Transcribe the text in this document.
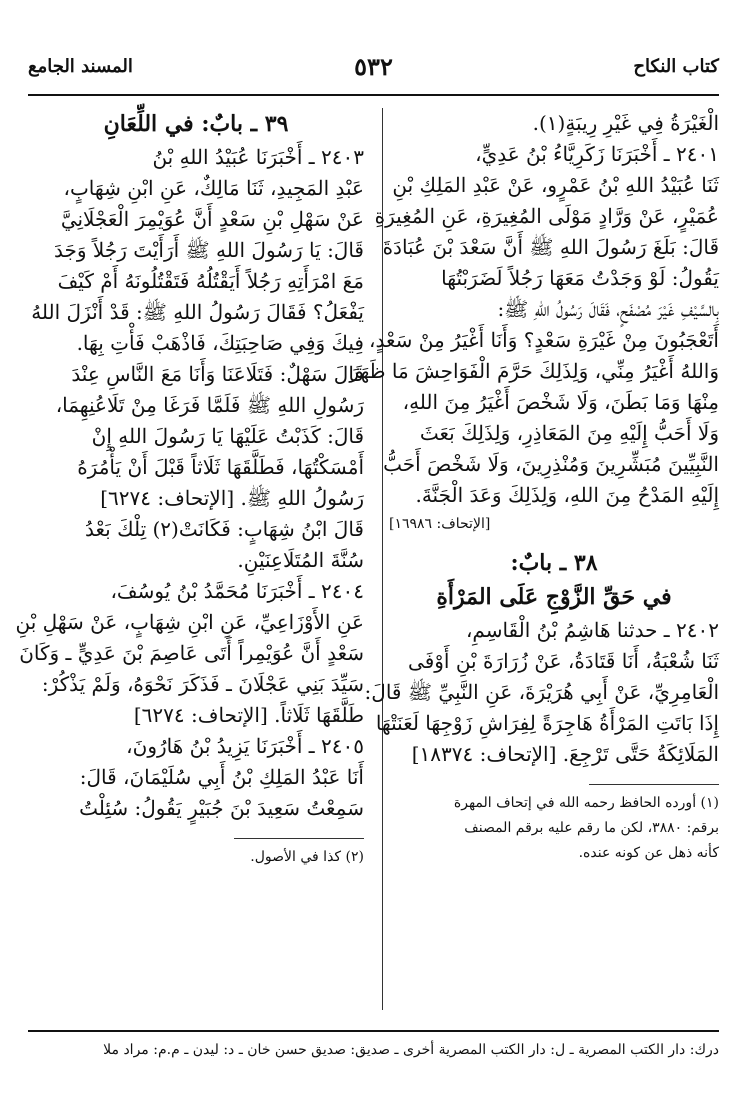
كتاب النكاح
٥٣٢
المسند الجامع
الْغَيْرَةُ فِي غَيْرِ رِيبَةٍ(١).
٢٤٠١ ـ أَخْبَرَنَا زَكَرِيَّاءُ بْنُ عَدِيٍّ،
ثَنَا عُبَيْدُ اللهِ بْنُ عَمْرٍو، عَنْ عَبْدِ المَلِكِ بْنِ
عُمَيْرٍ، عَنْ وَرَّادٍ مَوْلَى المُغِيرَةِ، عَنِ المُغِيرَةِ
قَالَ: بَلَغَ رَسُولَ اللهِ ﷺ أَنَّ سَعْدَ بْنَ عُبَادَةَ
يَقُولُ: لَوْ وَجَدْتُ مَعَهَا رَجُلاً لَضَرَبْتُهَا
بِالسَّيْفِ غَيْرَ مُصْفَحٍ، فَقَالَ رَسُولُ اللهِ ﷺ:
أَتَعْجَبُونَ مِنْ غَيْرَةِ سَعْدٍ؟ وَأَنَا أَغْيَرُ مِنْ سَعْدٍ،
وَاللهُ أَغْيَرُ مِنِّي، وَلِذَلِكَ حَرَّمَ الْفَوَاحِشَ مَا ظَهَرَ
مِنْهَا وَمَا بَطَنَ، وَلَا شَخْصَ أَغْيَرُ مِنَ اللهِ،
وَلَا أَحَبُّ إِلَيْهِ مِنَ المَعَاذِرِ، وَلِذَلِكَ بَعَثَ
النَّبِيِّينَ مُبَشِّرِينَ وَمُنْذِرِينَ، وَلَا شَخْصَ أَحَبُّ
إِلَيْهِ المَدْحُ مِنَ اللهِ، وَلِذَلِكَ وَعَدَ الْجَنَّةَ.
[الإتحاف: ١٦٩٨٦]
٣٨ ـ بابٌ:
في حَقِّ الزَّوْجِ عَلَى المَرْأَةِ
٢٤٠٢ ـ حدثنا هَاشِمُ بْنُ الْقَاسِمِ،
ثَنَا شُعْبَةُ، أَنَا قَتَادَةُ، عَنْ زُرَارَةَ بْنِ أَوْفَى
الْعَامِرِيِّ، عَنْ أَبِي هُرَيْرَةَ، عَنِ النَّبِيِّ ﷺ قَالَ:
إِذَا بَاتَتِ المَرْأَةُ هَاجِرَةً لِفِرَاشِ زَوْجِهَا لَعَنَتْهَا
المَلَائِكَةُ حَتَّى تَرْجِعَ. [الإتحاف: ١٨٣٧٤]
(١) أورده الحافظ رحمه الله في إتحاف المهرة
برقم: ٣٨٨٠، لكن ما رقم عليه برقم المصنف
كأنه ذهل عن كونه عنده.
٣٩ ـ بابٌ: في اللِّعَانِ
٢٤٠٣ ـ أَخْبَرَنَا عُبَيْدُ اللهِ بْنُ
عَبْدِ المَجِيدِ، ثَنَا مَالِكٌ، عَنِ ابْنِ شِهَابٍ،
عَنْ سَهْلِ بْنِ سَعْدٍ أَنَّ عُوَيْمِرَ الْعَجْلَانِيَّ
قَالَ: يَا رَسُولَ اللهِ ﷺ أَرَأَيْتَ رَجُلاً وَجَدَ
مَعَ امْرَأَتِهِ رَجُلاً أَيَقْتُلُهُ فَتَقْتُلُونَهُ أَمْ كَيْفَ
يَفْعَلُ؟ فَقَالَ رَسُولُ اللهِ ﷺ: قَدْ أَنْزَلَ اللهُ
فِيكَ وَفِي صَاحِبَتِكَ، فَاذْهَبْ فَأْتِ بِهَا.
قَالَ سَهْلٌ: فَتَلَاعَنَا وَأَنَا مَعَ النَّاسِ عِنْدَ
رَسُولِ اللهِ ﷺ فَلَمَّا فَرَغَا مِنْ تَلَاعُنِهِمَا،
قَالَ: كَذَبْتُ عَلَيْهَا يَا رَسُولَ اللهِ إِنْ
أَمْسَكْتُهَا، فَطَلَّقَهَا ثَلَاثاً قَبْلَ أَنْ يَأْمُرَهُ
رَسُولُ اللهِ ﷺ. [الإتحاف: ٦٢٧٤]
قَالَ ابْنُ شِهَابٍ: فَكَانَتْ(٢) تِلْكَ بَعْدُ
سُنَّةَ المُتَلَاعِنَيْنِ.
٢٤٠٤ ـ أَخْبَرَنَا مُحَمَّدُ بْنُ يُوسُفَ،
عَنِ الأَوْزَاعِيِّ، عَنِ ابْنِ شِهَابٍ، عَنْ سَهْلِ بْنِ
سَعْدٍ أَنَّ عُوَيْمِراً أَتَى عَاصِمَ بْنَ عَدِيٍّ ـ وَكَانَ
سَيِّدَ بَنِي عَجْلَانَ ـ فَذَكَرَ نَحْوَهُ، وَلَمْ يَذْكُرْ:
طَلَّقَهَا ثَلَاثاً. [الإتحاف: ٦٢٧٤]
٢٤٠٥ ـ أَخْبَرَنَا يَزِيدُ بْنُ هَارُونَ،
أَنَا عَبْدُ المَلِكِ بْنُ أَبِي سُلَيْمَانَ، قَالَ:
سَمِعْتُ سَعِيدَ بْنَ جُبَيْرٍ يَقُولُ: سُئِلْتُ
(٢) كذا في الأصول.
درك: دار الكتب المصرية ـ ل: دار الكتب المصرية أخرى ـ صديق: صديق حسن خان ـ د: ليدن ـ م.م: مراد ملا
